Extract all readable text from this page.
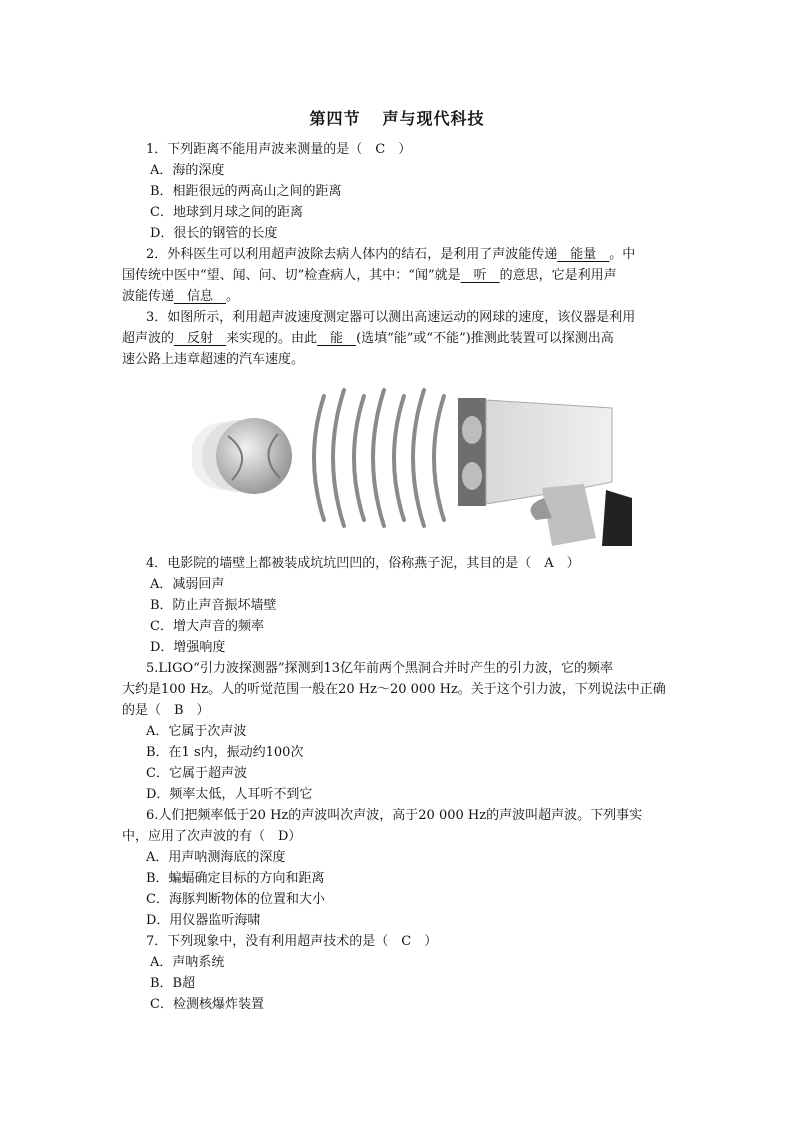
第四节 声与现代科技
1．下列距离不能用声波来测量的是（　C　）
A．海的深度
B．相距很远的两高山之间的距离
C．地球到月球之间的距离
D．很长的钢管的长度
2．外科医生可以利用超声波除去病人体内的结石，是利用了声波能传递　能量　。中
国传统中医中“望、闻、问、切”检查病人，其中：“闻”就是　听　的意思，它是利用声
波能传递　信息　。
3．如图所示，利用超声波速度测定器可以测出高速运动的网球的速度，该仪器是利用
超声波的　反射　来实现的。由此　能　(选填“能”或“不能”)推测此装置可以探测出高
速公路上违章超速的汽车速度。
4．电影院的墙壁上都被装成坑坑凹凹的，俗称燕子泥，其目的是（　A　）
A．减弱回声
B．防止声音振坏墙壁
C．增大声音的频率
D．增强响度
5.LIGO“引力波探测器”探测到13亿年前两个黑洞合并时产生的引力波，它的频率
大约是100 Hz。人的听觉范围一般在20 Hz～20 000 Hz。关于这个引力波，下列说法中正确
的是（　B　）
A．它属于次声波
B．在1 s内，振动约100次
C．它属于超声波
D．频率太低，人耳听不到它
6.人们把频率低于20 Hz的声波叫次声波，高于20 000 Hz的声波叫超声波。下列事实
中，应用了次声波的有（　D）
A．用声呐测海底的深度
B．蝙蝠确定目标的方向和距离
C．海豚判断物体的位置和大小
D．用仪器监听海啸
7．下列现象中，没有利用超声技术的是（　C　）
A．声呐系统
B．B超
C．检测核爆炸装置
